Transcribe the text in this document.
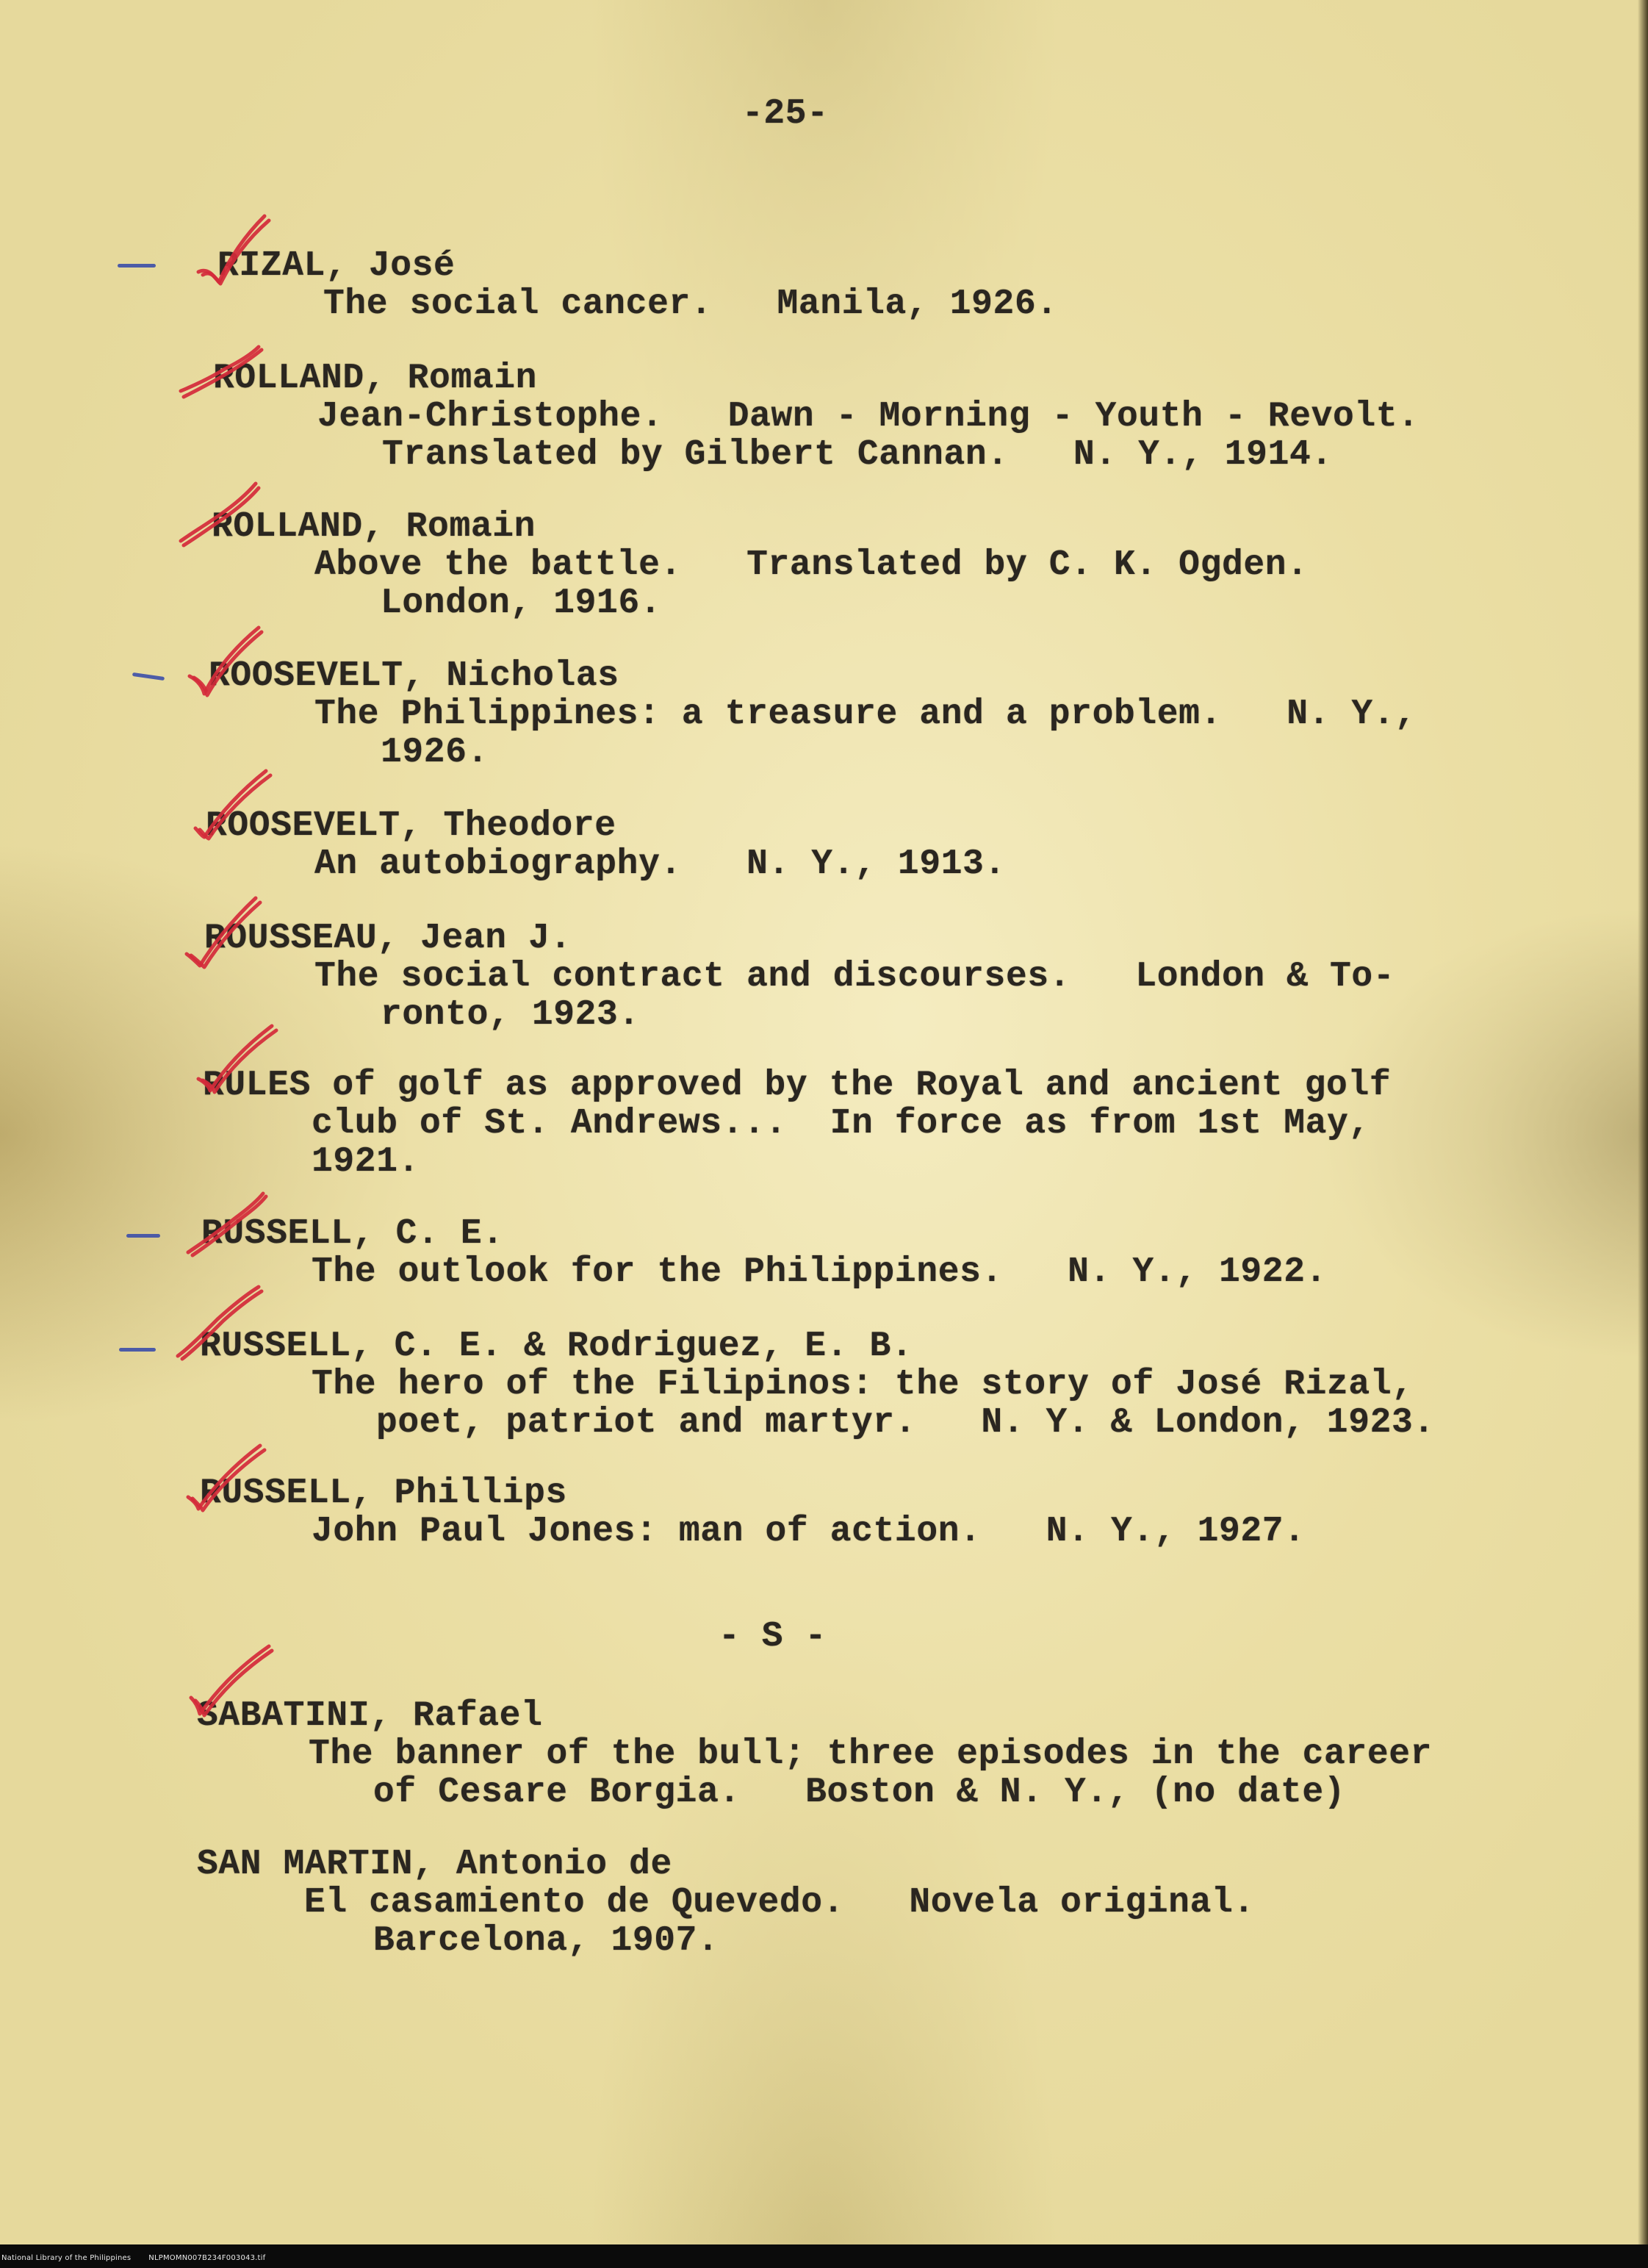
-25-
RIZAL, José
The social cancer.   Manila, 1926.
ROLLAND, Romain
Jean-Christophe.   Dawn - Morning - Youth - Revolt.
Translated by Gilbert Cannan.   N. Y., 1914.
ROLLAND, Romain
Above the battle.   Translated by C. K. Ogden.
London, 1916.
ROOSEVELT, Nicholas
The Philippines: a treasure and a problem.   N. Y.,
1926.
ROOSEVELT, Theodore
An autobiography.   N. Y., 1913.
ROUSSEAU, Jean J.
The social contract and discourses.   London & To-
ronto, 1923.
RULES of golf as approved by the Royal and ancient golf
club of St. Andrews...  In force as from 1st May,
1921.
RUSSELL, C. E.
The outlook for the Philippines.   N. Y., 1922.
RUSSELL, C. E. & Rodriguez, E. B.
The hero of the Filipinos: the story of José Rizal,
poet, patriot and martyr.   N. Y. & London, 1923.
RUSSELL, Phillips
John Paul Jones: man of action.   N. Y., 1927.
- S -
SABATINI, Rafael
The banner of the bull; three episodes in the career
of Cesare Borgia.   Boston & N. Y., (no date)
SAN MARTIN, Antonio de
El casamiento de Quevedo.   Novela original.
Barcelona, 1907.
National Library of the Philippines NLPMOMN007B234F003043.tif
